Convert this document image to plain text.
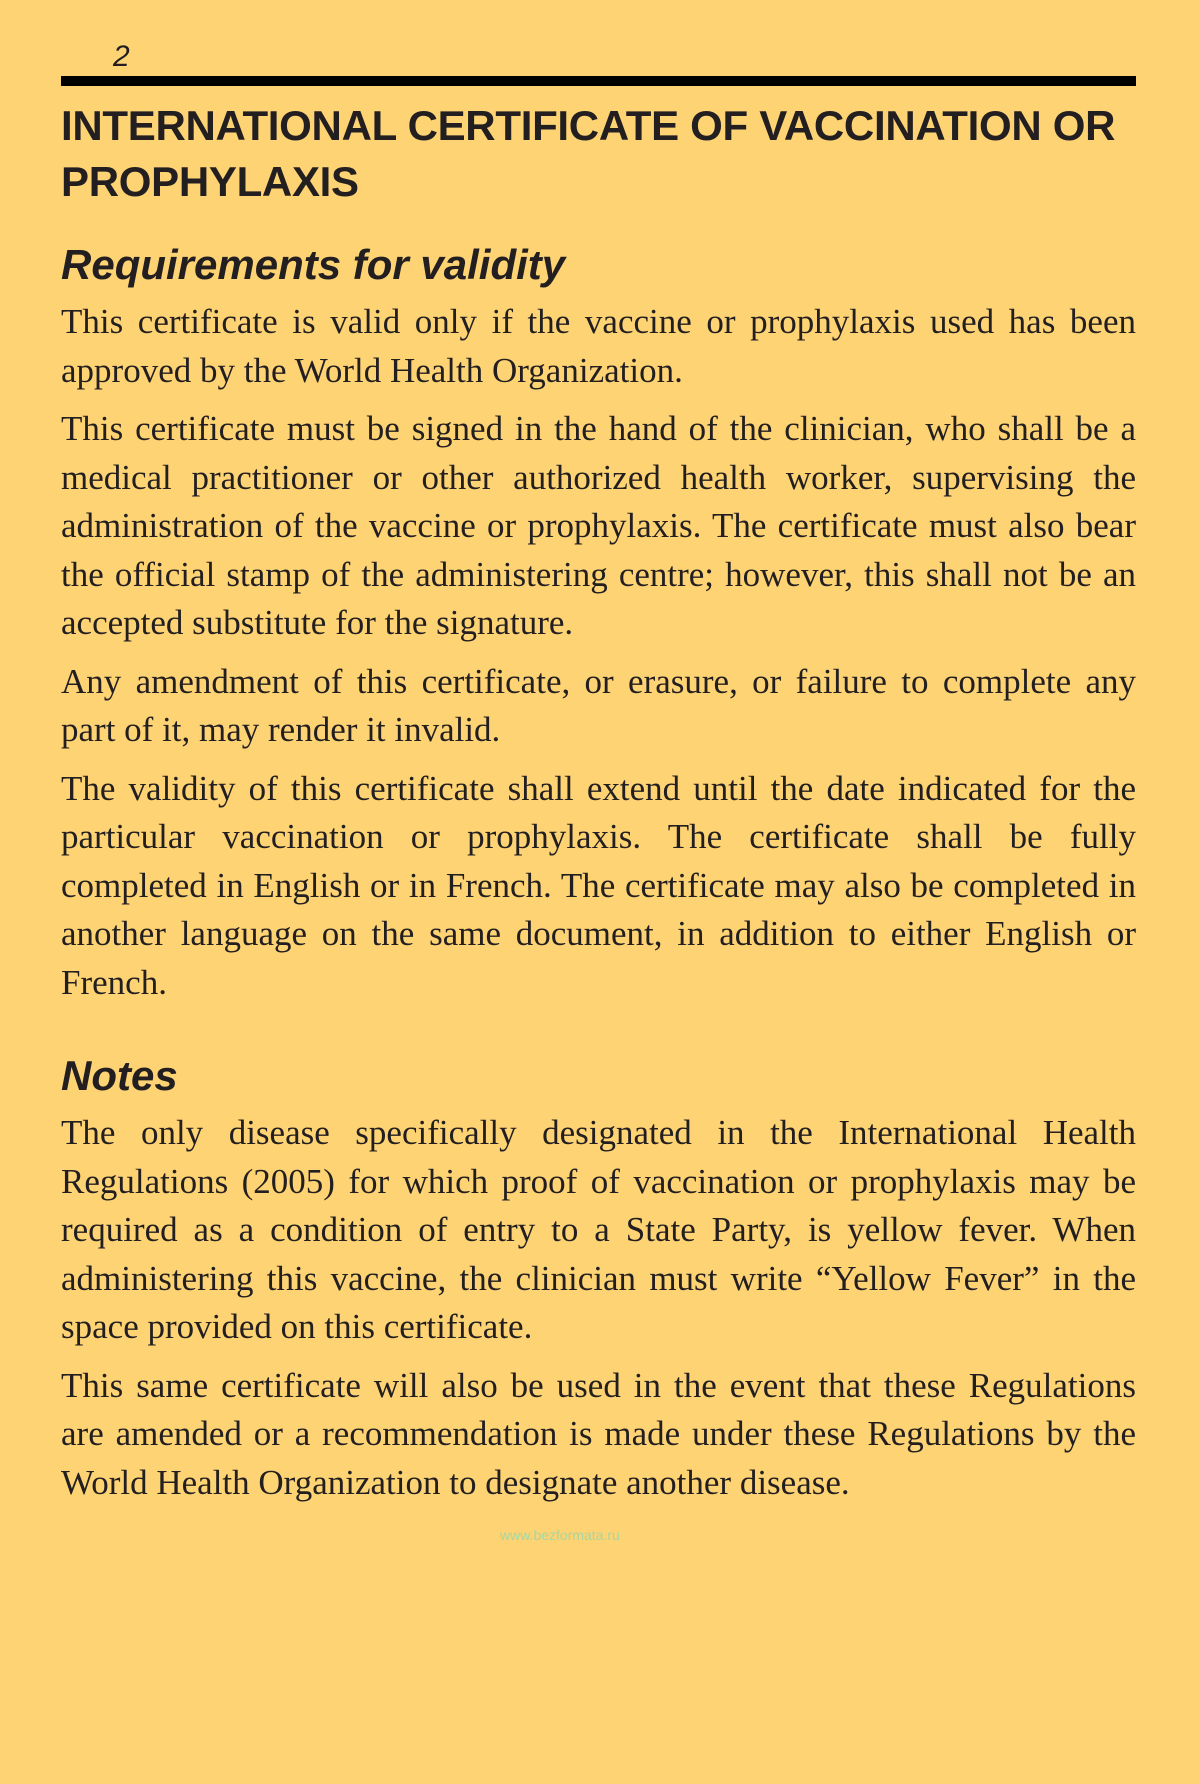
2
INTERNATIONAL CERTIFICATE OF VACCINATION OR PROPHYLAXIS
Requirements for validity

This certificate is valid only if the vaccine or prophylaxis used has been approved by the World Health Organization.

This certificate must be signed in the hand of the clinician, who shall be a medical practitioner or other authorized health worker, supervising the administration of the vaccine or prophylaxis. The certificate must also bear the official stamp of the administering centre; however, this shall not be an accepted substitute for the signature.

Any amendment of this certificate, or erasure, or failure to complete any part of it, may render it invalid.

The validity of this certificate shall extend until the date indicated for the particular vaccination or prophylaxis. The certificate shall be fully completed in English or in French. The certificate may also be completed in another language on the same document, in addition to either English or French.

Notes

The only disease specifically designated in the International Health Regulations (2005) for which proof of vaccination or prophylaxis may be required as a condition of entry to a State Party, is yellow fever. When administering this vaccine, the clinician must write “Yellow Fever” in the space provided on this certificate.

This same certificate will also be used in the event that these Regulations are amended or a recommendation is made under these Regulations by the World Health Organization to designate another disease.

www.bezformata.ru
